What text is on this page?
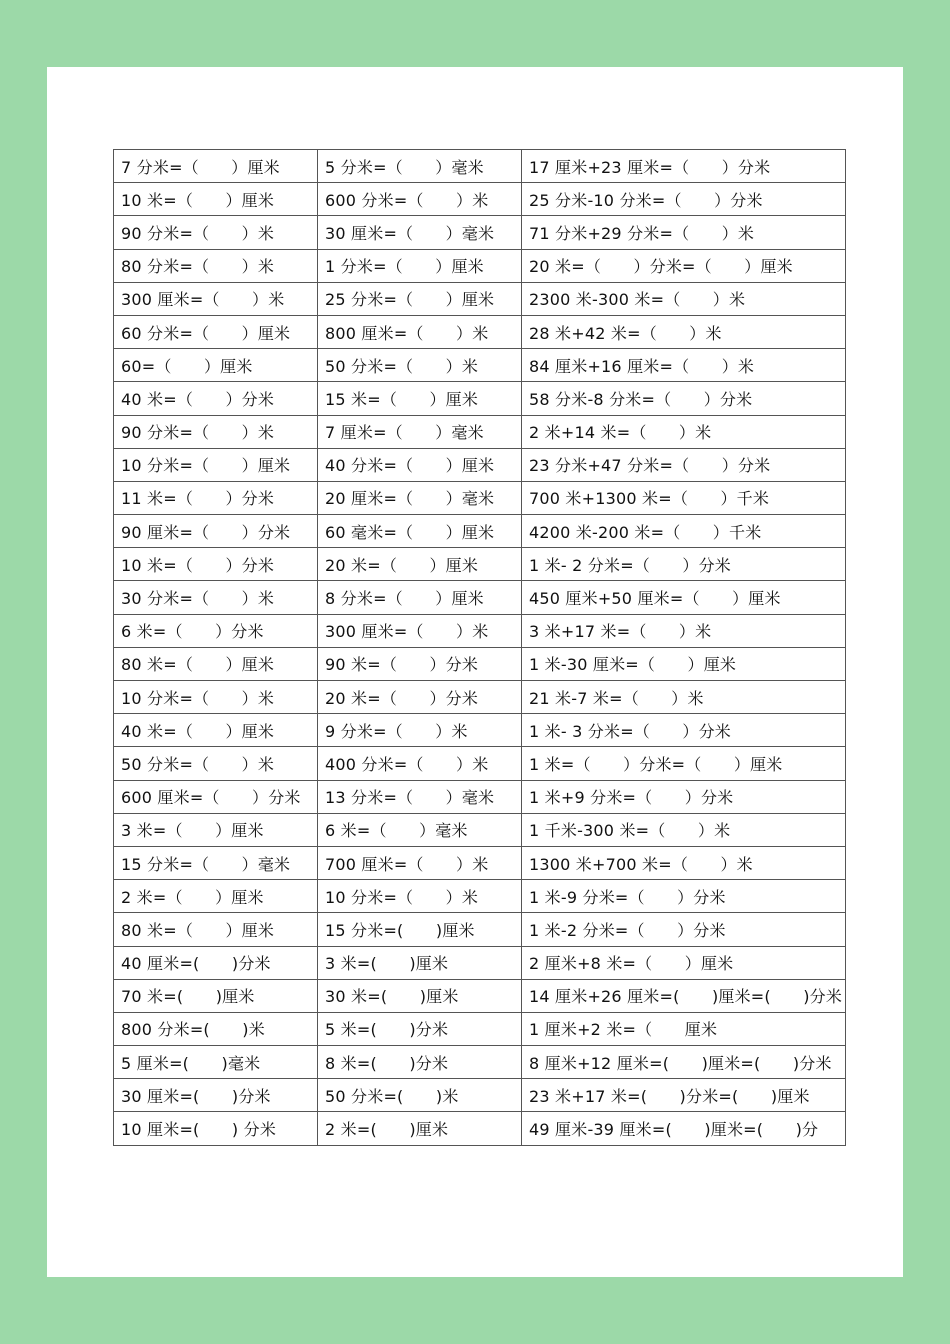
7 分米=（　　）厘米	5 分米=（　　）毫米	17 厘米+23 厘米=（　　）分米
10 米=（　　）厘米	600 分米=（　　）米	25 分米-10 分米=（　　）分米
90 分米=（　　）米	30 厘米=（　　）毫米	71 分米+29 分米=（　　）米
80 分米=（　　）米	1 分米=（　　）厘米	20 米=（　　）分米=（　　）厘米
300 厘米=（　　）米	25 分米=（　　）厘米	2300 米-300 米=（　　）米
60 分米=（　　）厘米	800 厘米=（　　）米	28 米+42 米=（　　）米
60=（　　）厘米	50 分米=（　　）米	84 厘米+16 厘米=（　　）米
40 米=（　　）分米	15 米=（　　）厘米	58 分米-8 分米=（　　）分米
90 分米=（　　）米	7 厘米=（　　）毫米	2 米+14 米=（　　）米
10 分米=（　　）厘米	40 分米=（　　）厘米	23 分米+47 分米=（　　）分米
11 米=（　　）分米	20 厘米=（　　）毫米	700 米+1300 米=（　　）千米
90 厘米=（　　）分米	60 毫米=（　　）厘米	4200 米-200 米=（　　）千米
10 米=（　　）分米	20 米=（　　）厘米	1 米- 2 分米=（　　）分米
30 分米=（　　）米	8 分米=（　　）厘米	450 厘米+50 厘米=（　　）厘米
6 米=（　　）分米	300 厘米=（　　）米	3 米+17 米=（　　）米
80 米=（　　）厘米	90 米=（　　）分米	1 米-30 厘米=（　　）厘米
10 分米=（　　）米	20 米=（　　）分米	21 米-7 米=（　　）米
40 米=（　　）厘米	9 分米=（　　）米	1 米- 3 分米=（　　）分米
50 分米=（　　）米	400 分米=（　　）米	1 米=（　　）分米=（　　）厘米
600 厘米=（　　）分米	13 分米=（　　）毫米	1 米+9 分米=（　　）分米
3 米=（　　）厘米	6 米=（　　）毫米	1 千米-300 米=（　　）米
15 分米=（　　）毫米	700 厘米=（　　）米	1300 米+700 米=（　　）米
2 米=（　　）厘米	10 分米=（　　）米	1 米-9 分米=（　　）分米
80 米=（　　）厘米	15 分米=(　　)厘米	1 米-2 分米=（　　）分米
40 厘米=(　　)分米	3 米=(　　)厘米	2 厘米+8 米=（　　）厘米
70 米=(　　)厘米	30 米=(　　)厘米	14 厘米+26 厘米=(　　)厘米=(　　)分米
800 分米=(　　)米	5 米=(　　)分米	1 厘米+2 米=（　　厘米
5 厘米=(　　)毫米	8 米=(　　)分米	8 厘米+12 厘米=(　　)厘米=(　　)分米
30 厘米=(　　)分米	50 分米=(　　)米	23 米+17 米=(　　)分米=(　　)厘米
10 厘米=(　　) 分米	2 米=(　　)厘米	49 厘米-39 厘米=(　　)厘米=(　　)分
